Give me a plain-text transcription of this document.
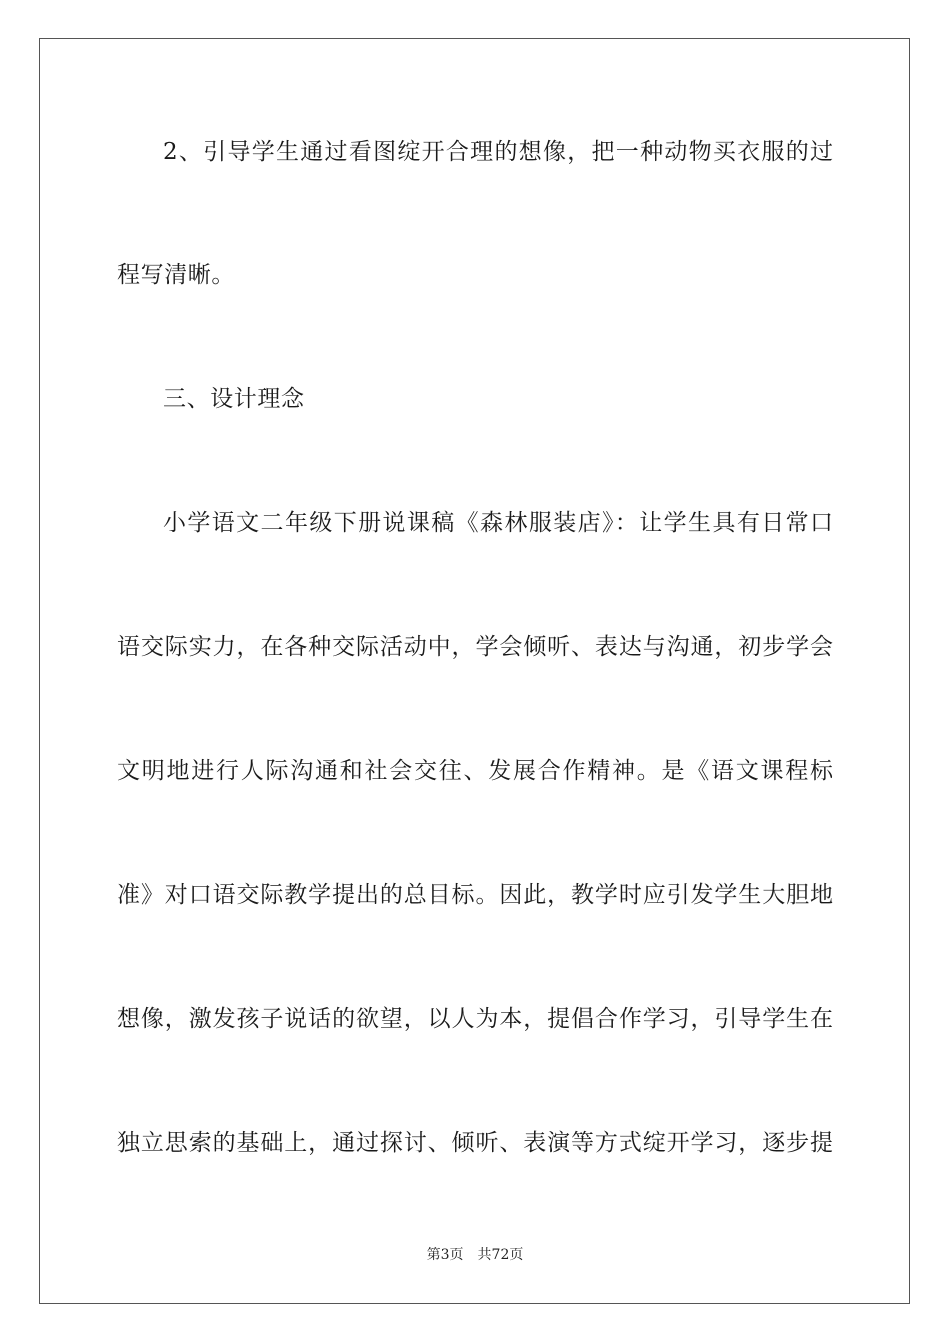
2、引导学生通过看图绽开合理的想像，把一种动物买衣服的过
程写清晰。
三、设计理念
小学语文二年级下册说课稿《森林服装店》：让学生具有日常口
语交际实力，在各种交际活动中，学会倾听、表达与沟通，初步学会
文明地进行人际沟通和社会交往、发展合作精神。是《语文课程标
准》对口语交际教学提出的总目标。因此，教学时应引发学生大胆地
想像，激发孩子说话的欲望，以人为本，提倡合作学习，引导学生在
独立思索的基础上，通过探讨、倾听、表演等方式绽开学习，逐步提
第3页 共72页
